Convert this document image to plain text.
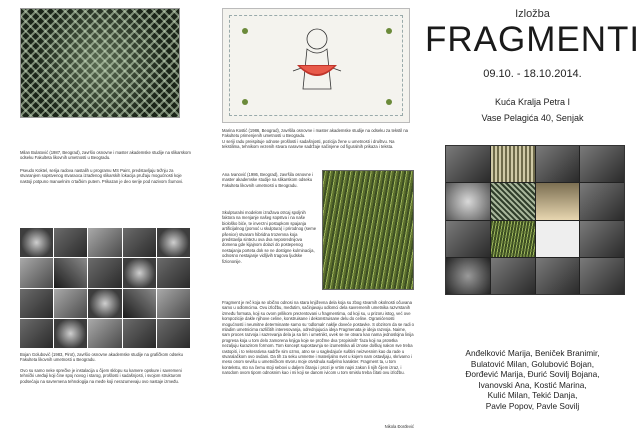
Milan Bulatović (1987, Beograd), završio osnovne i master akademske studije na slikarskom odseku Fakulteta likovnih umetnosti u Beogradu.

Pseudo Koktel, serija radova nastalih u programu MS Paint, predstavljaju težnju za stvaranjem sopstvenog stvaraoca izrađenog slikarskih lokacija pružaju mogućnosti koje nastoji potpuno manuelnim crtačkim putem. Prikazan je deo serije pod nazivom Šumovi.

Bojan Golubović (1983, Pirot), završio osnovne akademske studije na grafičkom odseku Fakulteta likovnih umetnosti u Beogradu.

Ovo su samo neke sprečke je instalacija u čijem sklopu su kamere opskure i savremeni tehnički uređaji koji čine spoj novog i starog, prošlosti i sadašnjosti, i svojom strukturom podsećaju na savremena tehnologija na međe koji nerazumevaju ovo nastaje između.

Marina Kostić (1986, Beograd), završila osnovne i master akademske studije na odseku za tekstil na Fakultetu primenjenih umetnosti u Beogradu.

U seriji radu preispituje odnose prošlosti i sadašnjosti, pozicija žene u umetnosti i društvu. Na tekstilima, tehnikom vezenih stvara naravne sadržaje sačinjene od figuralnih prikaza i teksta.

Ana Ivanović (1986, Beograd), završila osnovne i master akademske studije na slikarskom odseku Fakulteta likovnih umetnosti u Beogradu.

Skulpturalni modelom izražava otrcaj spoljnih faktora na menjanje našeg sopstva i na naše biološko biće, te inverzni postupkom spajanja artificijalnog (pomoć u skulptura) i prirodnog (seme pšenice) stvaram hibridna trozemna koja predstavlja sintezu ova dva neposrednijova domena gde kijajnom dolazi do postepenog nestajanja porteta dok se ne dostigne kulminacija, odnosno nestajanje vidljivih tragova ljudske fiziononije.

Fragment je reč koja se obično odnosi na stara književna dela koja su zbog stvarnih okolnosti očuvana samo u odlomcima. Ovu izložbu, međutim, sačinjavaju odlomci dela savremenih umetnika razvrstanih između formata, koji su ovom prilikom prezentovani u fragmentima, od koji su, u prizoru istog, već ove kompozicije dakle njihove celine, konstruisane i dekonstruisane delu do celine. Ogranićenosti mogućnosti i neumitne determinante samo su 'odlomak' naklje doveće postavke. S obzirom da se radi o mladim umetnicima različitih interesovanja, odrednjujucia ideja Fragmenata je ideja razvoja. Naime, sam proces razvoja i sazrevanja dela ja sa tim i umetnikt, uvek se ne otvara kao nama jednoslojna linija progresa koja u tom delo zamorena knjiga koje se prožme dva 'propisinih' 'faza koji na protetka nezaljuju kurazirom formom. Tom koncept supostavnja se izumetnika ali iznose doškaj nakon sve treba rastopiti, i to reiterativna sadrže sim ozmo, atno se u sagledajuće suštini neizvesnim kao da rade u stvaralačkom ovo ovdani. Da tih za seku umnetne i materijalno svet u kojem nam ostavljaju, skrivamo i meso onom sevišu u umetničkom stvoru moje otvrdnula sudjelno karakter. Fragment ta, u tom kontekstu, sto na čemu stoji sebovi u daljem čitanju i prozi je vrtim najni zakon li njih čijem izraz, i narodom ovom tipom odnosnim kao i mi koji se danom ivicom u tom smislu treba čitati ovu izložbu.

Nikola Đorđević

Izložba
FRAGMENTI
09.10. - 18.10.2014.
Kuća Kralja Petra I
Vase Pelagića 40, Senjak
Anđelković Marija, Beniček Branimir,
Bulatović Milan, Golubović Bojan,
Đorđević Marija, Đurić Sovilj Bojana,
Ivanovski Ana, Kostić Marina,
Kulić Milan, Tekić Danja,
Pavle Popov, Pavle Sovilj
